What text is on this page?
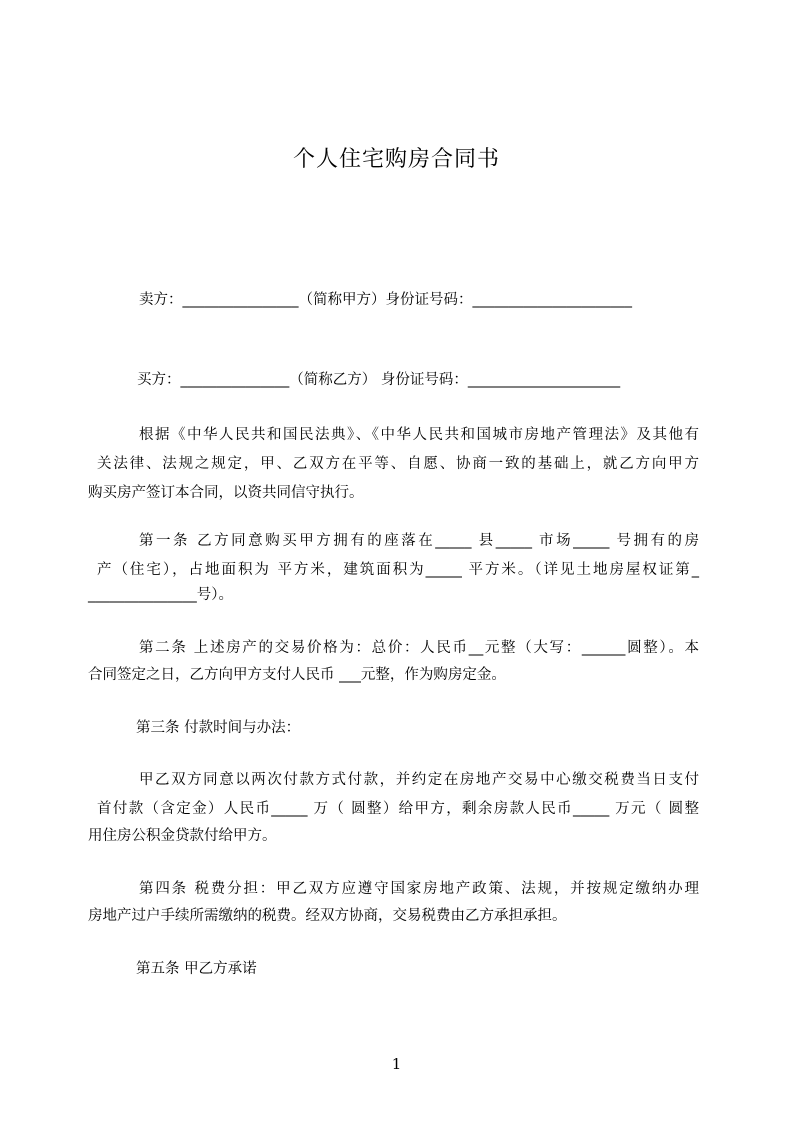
个人住宅购房合同书
卖方：________________（简称甲方）身份证号码：______________________
买方：_______________（简称乙方） 身份证号码：_____________________
根据《中华人民共和国民法典》、《中华人民共和国城市房地产管理法》及其他有
关法律、法规之规定，甲、乙双方在平等、自愿、协商一致的基础上，就乙方向甲方
购买房产签订本合同，以资共同信守执行。
第一条 乙方同意购买甲方拥有的座落在_____ 县_____ 市场_____ 号拥有的房
产（住宅），占地面积为 平方米，建筑面积为_____ 平方米。（详见土地房屋权证第_
_______________号）。
第二条 上述房产的交易价格为：总价：人民币__元整（大写：______圆整）。本
合同签定之日，乙方向甲方支付人民币 ___元整，作为购房定金。
第三条 付款时间与办法：
甲乙双方同意以两次付款方式付款，并约定在房地产交易中心缴交税费当日支付
首付款（含定金）人民币_____ 万（ 圆整）给甲方，剩余房款人民币_____ 万元（ 圆整
用住房公积金贷款付给甲方。
第四条 税费分担：甲乙双方应遵守国家房地产政策、法规，并按规定缴纳办理
房地产过户手续所需缴纳的税费。经双方协商，交易税费由乙方承担承担。
第五条 甲乙方承诺
1
